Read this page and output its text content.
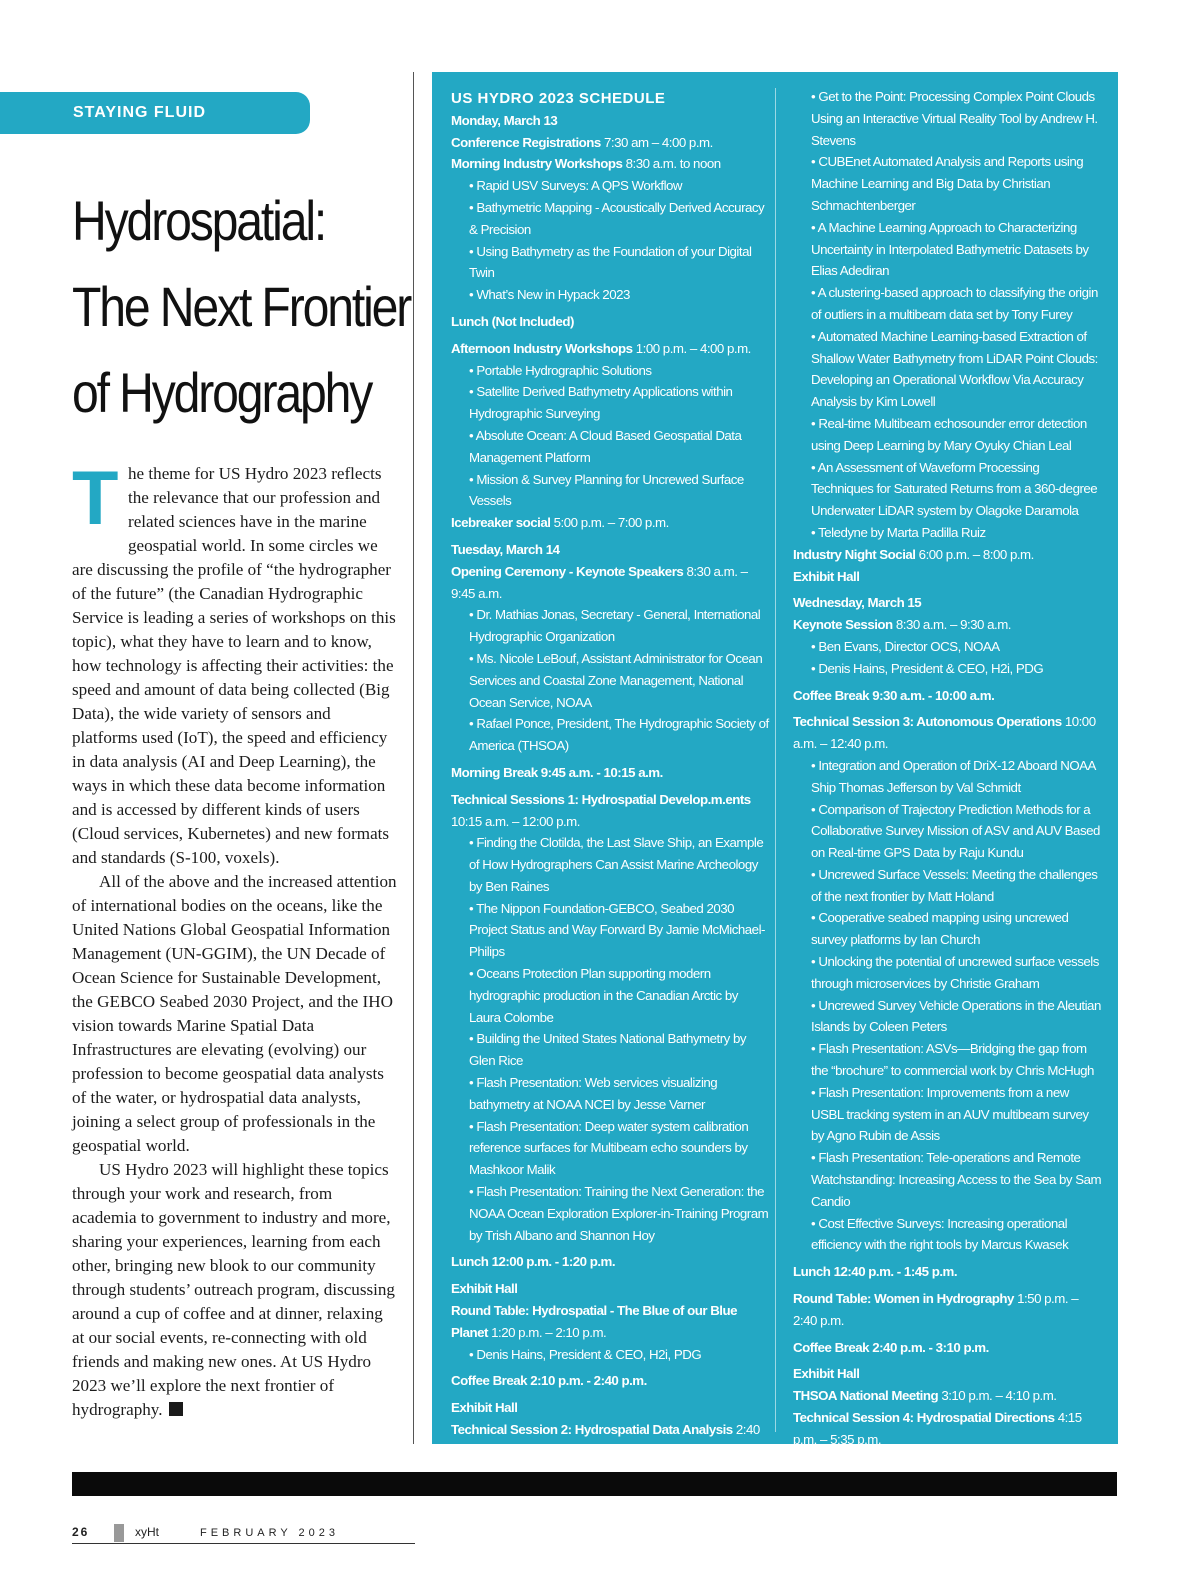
STAYING FLUID
Hydrospatial:
The Next Frontier
of Hydrography

The theme for US Hydro 2023 reflects the relevance that our profession and related sciences have in the marine geospatial world. In some circles we are discussing the profile of “the hydrographer of the future” (the Canadian Hydrographic Service is leading a series of workshops on this topic), what they have to learn and to know, how technology is affecting their activities: the speed and amount of data being collected (Big Data), the wide variety of sensors and platforms used (IoT), the speed and efficiency in data analysis (AI and Deep Learning), the ways in which these data become information and is accessed by different kinds of users (Cloud services, Kubernetes) and new formats and standards (S-100, voxels).

All of the above and the increased attention of international bodies on the oceans, like the United Nations Global Geospatial Information Management (UN-GGIM), the UN Decade of Ocean Science for Sustainable Development, the GEBCO Seabed 2030 Project, and the IHO vision towards Marine Spatial Data Infrastructures are elevating (evolving) our profession to become geospatial data analysts of the water, or hydrospatial data analysts, joining a select group of professionals in the geospatial world.

US Hydro 2023 will highlight these topics through your work and research, from academia to government to industry and more, sharing your experiences, learning from each other, bringing new blook to our community through students’ outreach program, discussing around a cup of coffee and at dinner, relaxing at our social events, re-connecting with old friends and making new ones. At US Hydro 2023 we’ll explore the next frontier of hydrography.

US HYDRO 2023 SCHEDULE
Monday, March 13
Conference Registrations 7:30 am – 4:00 p.m.
Morning Industry Workshops 8:30 a.m. to noon
• Rapid USV Surveys: A QPS Workflow
• Bathymetric Mapping - Acoustically Derived Accuracy & Precision
• Using Bathymetry as the Foundation of your Digital Twin
• What’s New in Hypack 2023
Lunch (Not Included)
Afternoon Industry Workshops 1:00 p.m. – 4:00 p.m.
• Portable Hydrographic Solutions
• Satellite Derived Bathymetry Applications within Hydrographic Surveying
• Absolute Ocean: A Cloud Based Geospatial Data Management Platform
• Mission & Survey Planning for Uncrewed Surface Vessels
Icebreaker social 5:00 p.m. – 7:00 p.m.
Tuesday, March 14
Opening Ceremony - Keynote Speakers 8:30 a.m. – 9:45 a.m.
• Dr. Mathias Jonas, Secretary - General, International Hydrographic Organization
• Ms. Nicole LeBouf, Assistant Administrator for Ocean Services and Coastal Zone Management, National Ocean Service, NOAA
• Rafael Ponce, President, The Hydrographic Society of America (THSOA)
Morning Break 9:45 a.m. - 10:15 a.m.
Technical Sessions 1: Hydrospatial Develop.m.ents 10:15 a.m. – 12:00 p.m.
• Finding the Clotilda, the Last Slave Ship, an Example of How Hydrographers Can Assist Marine Archeology by Ben Raines
• The Nippon Foundation-GEBCO, Seabed 2030 Project Status and Way Forward By Jamie McMichael-Philips
• Oceans Protection Plan supporting modern hydrographic production in the Canadian Arctic by Laura Colombe
• Building the United States National Bathymetry by Glen Rice
• Flash Presentation: Web services visualizing bathymetry at NOAA NCEI by Jesse Varner
• Flash Presentation: Deep water system calibration reference surfaces for Multibeam echo sounders by Mashkoor Malik
• Flash Presentation: Training the Next Generation: the NOAA Ocean Exploration Explorer-in-Training Program by Trish Albano and Shannon Hoy
Lunch 12:00 p.m. - 1:20 p.m.
Exhibit Hall
Round Table: Hydrospatial - The Blue of our Blue Planet 1:20 p.m. – 2:10 p.m.
• Denis Hains, President & CEO, H2i, PDG
Coffee Break 2:10 p.m. - 2:40 p.m.
Exhibit Hall
Technical Session 2: Hydrospatial Data Analysis 2:40 p.m. – 5:30 p.m.
• Get to the Point: Processing Complex Point Clouds Using an Interactive Virtual Reality Tool by Andrew H. Stevens
• CUBEnet Automated Analysis and Reports using Machine Learning and Big Data by Christian Schmachtenberger
• A Machine Learning Approach to Characterizing Uncertainty in Interpolated Bathymetric Datasets by Elias Adediran
• A clustering-based approach to classifying the origin of outliers in a multibeam data set by Tony Furey
• Automated Machine Learning-based Extraction of Shallow Water Bathymetry from LiDAR Point Clouds: Developing an Operational Workflow Via Accuracy Analysis by Kim Lowell
• Real-time Multibeam echosounder error detection using Deep Learning by Mary Oyuky Chian Leal
• An Assessment of Waveform Processing Techniques for Saturated Returns from a 360-degree Underwater LiDAR system by Olagoke Daramola
• Teledyne by Marta Padilla Ruiz
Industry Night Social 6:00 p.m. – 8:00 p.m.
Exhibit Hall
Wednesday, March 15
Keynote Session 8:30 a.m. – 9:30 a.m.
• Ben Evans, Director OCS, NOAA
• Denis Hains, President & CEO, H2i, PDG
Coffee Break 9:30 a.m. - 10:00 a.m.
Technical Session 3: Autonomous Operations 10:00 a.m. – 12:40 p.m.
• Integration and Operation of DriX-12 Aboard NOAA Ship Thomas Jefferson by Val Schmidt
• Comparison of Trajectory Prediction Methods for a Collaborative Survey Mission of ASV and AUV Based on Real-time GPS Data by Raju Kundu
• Uncrewed Surface Vessels: Meeting the challenges of the next frontier by Matt Holand
• Cooperative seabed mapping using uncrewed survey platforms by Ian Church
• Unlocking the potential of uncrewed surface vessels through microservices by Christie Graham
• Uncrewed Survey Vehicle Operations in the Aleutian Islands by Coleen Peters
• Flash Presentation: ASVs—Bridging the gap from the “brochure” to commercial work by Chris McHugh
• Flash Presentation: Improvements from a new USBL tracking system in an AUV multibeam survey by Agno Rubin de Assis
• Flash Presentation: Tele-operations and Remote Watchstanding: Increasing Access to the Sea by Sam Candio
• Cost Effective Surveys: Increasing operational efficiency with the right tools by Marcus Kwasek
Lunch 12:40 p.m. - 1:45 p.m.
Round Table: Women in Hydrography 1:50 p.m. – 2:40 p.m.
Coffee Break 2:40 p.m. - 3:10 p.m.
Exhibit Hall
THSOA National Meeting 3:10 p.m. – 4:10 p.m.
Technical Session 4: Hydrospatial Directions 4:15 p.m. – 5:35 p.m.
26	xyHt	FEBRUARY 2023
